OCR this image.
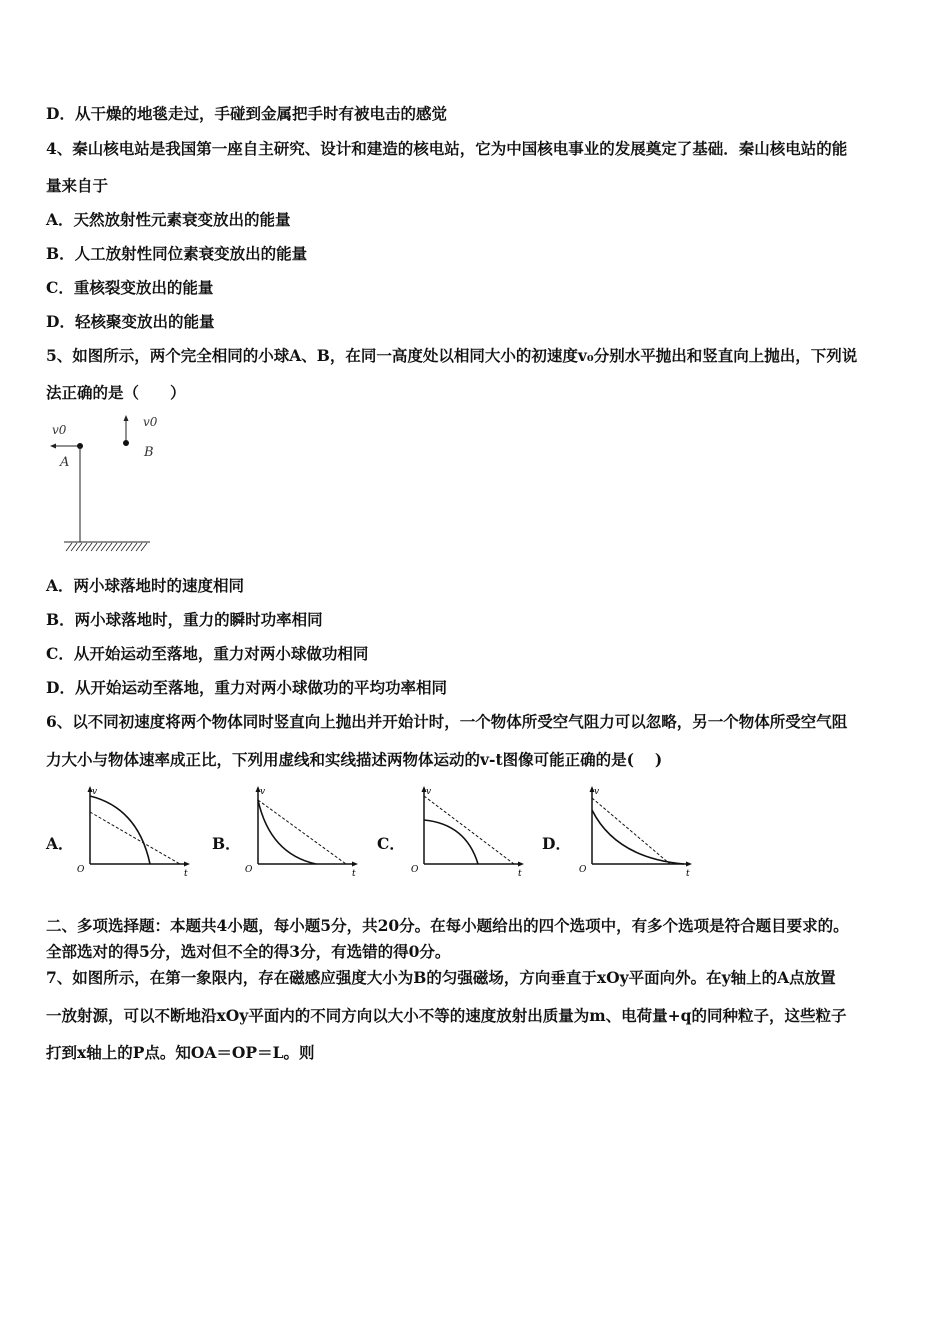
D．从干燥的地毯走过，手碰到金属把手时有被电击的感觉
4、秦山核电站是我国第一座自主研究、设计和建造的核电站，它为中国核电事业的发展奠定了基础．秦山核电站的能
量来自于
A．天然放射性元素衰变放出的能量
B．人工放射性同位素衰变放出的能量
C．重核裂变放出的能量
D．轻核聚变放出的能量
5、如图所示，两个完全相同的小球A、B，在同一高度处以相同大小的初速度v₀分别水平抛出和竖直向上抛出，下列说
法正确的是（　　）
v0
v0
A
B
A．两小球落地时的速度相同
B．两小球落地时，重力的瞬时功率相同
C．从开始运动至落地，重力对两小球做功相同
D．从开始运动至落地，重力对两小球做功的平均功率相同
6、以不同初速度将两个物体同时竖直向上抛出并开始计时，一个物体所受空气阻力可以忽略，另一个物体所受空气阻
力大小与物体速率成正比，下列用虚线和实线描述两物体运动的v-t图像可能正确的是(　 )
A．
v
t
O
B．
v
t
O
C．
v
t
O
D．
v
t
O
二、多项选择题：本题共4小题，每小题5分，共20分。在每小题给出的四个选项中，有多个选项是符合题目要求的。
全部选对的得5分，选对但不全的得3分，有选错的得0分。
7、如图所示，在第一象限内，存在磁感应强度大小为B的匀强磁场，方向垂直于xOy平面向外。在y轴上的A点放置
一放射源，可以不断地沿xOy平面内的不同方向以大小不等的速度放射出质量为m、电荷量+q的同种粒子，这些粒子
打到x轴上的P点。知OA＝OP＝L。则
